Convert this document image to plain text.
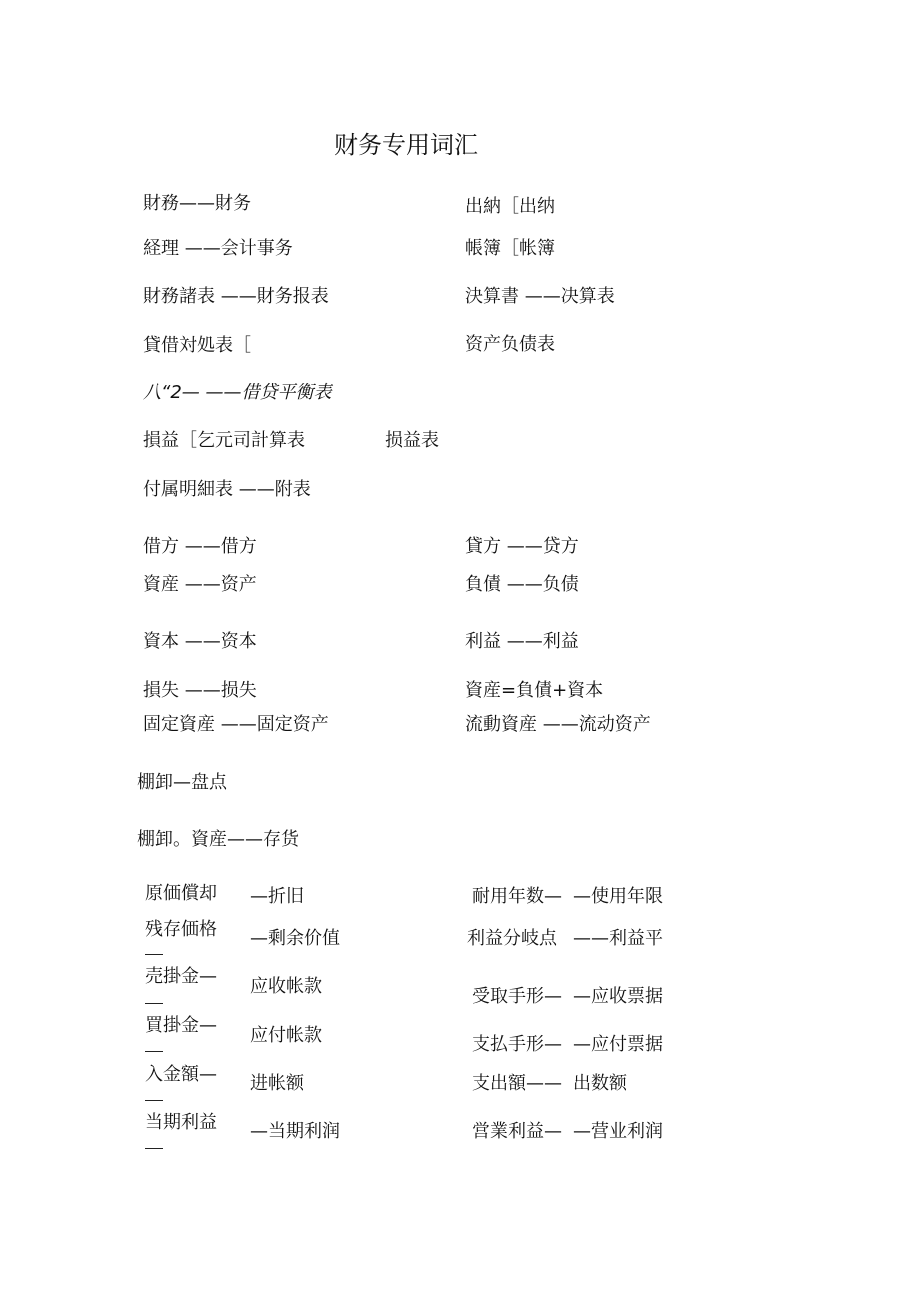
财务专用词汇
財務——財务	出納［出纳
経理 ——会计事务	帳簿［帐簿
財務諸表 ——財务报表	決算書 ——决算表
貸借対処表［	资产负债表
八“2— ——借贷平衡表
損益［乞元司計算表	损益表
付属明細表 ——附表
借方 ——借方	貸方 ——贷方
資産 ——资产	負債 ——负债
資本 ——资本	利益 ——利益
損失 ——损失	資産=負債+資本
固定資産 ——固定资产	流動資産 ——流动资产
棚卸—盘点
棚卸。資産——存货
原価償却 —折旧	耐用年数— —使用年限
残存価格 —剩余价值	利益分岐点 ——利益平
売掛金— 应收帐款	受取手形— —应收票据
買掛金— 应付帐款	支払手形— —应付票据
入金額— 进帐额	支出額—— 出数额
当期利益 —当期利润	営業利益— —营业利润
